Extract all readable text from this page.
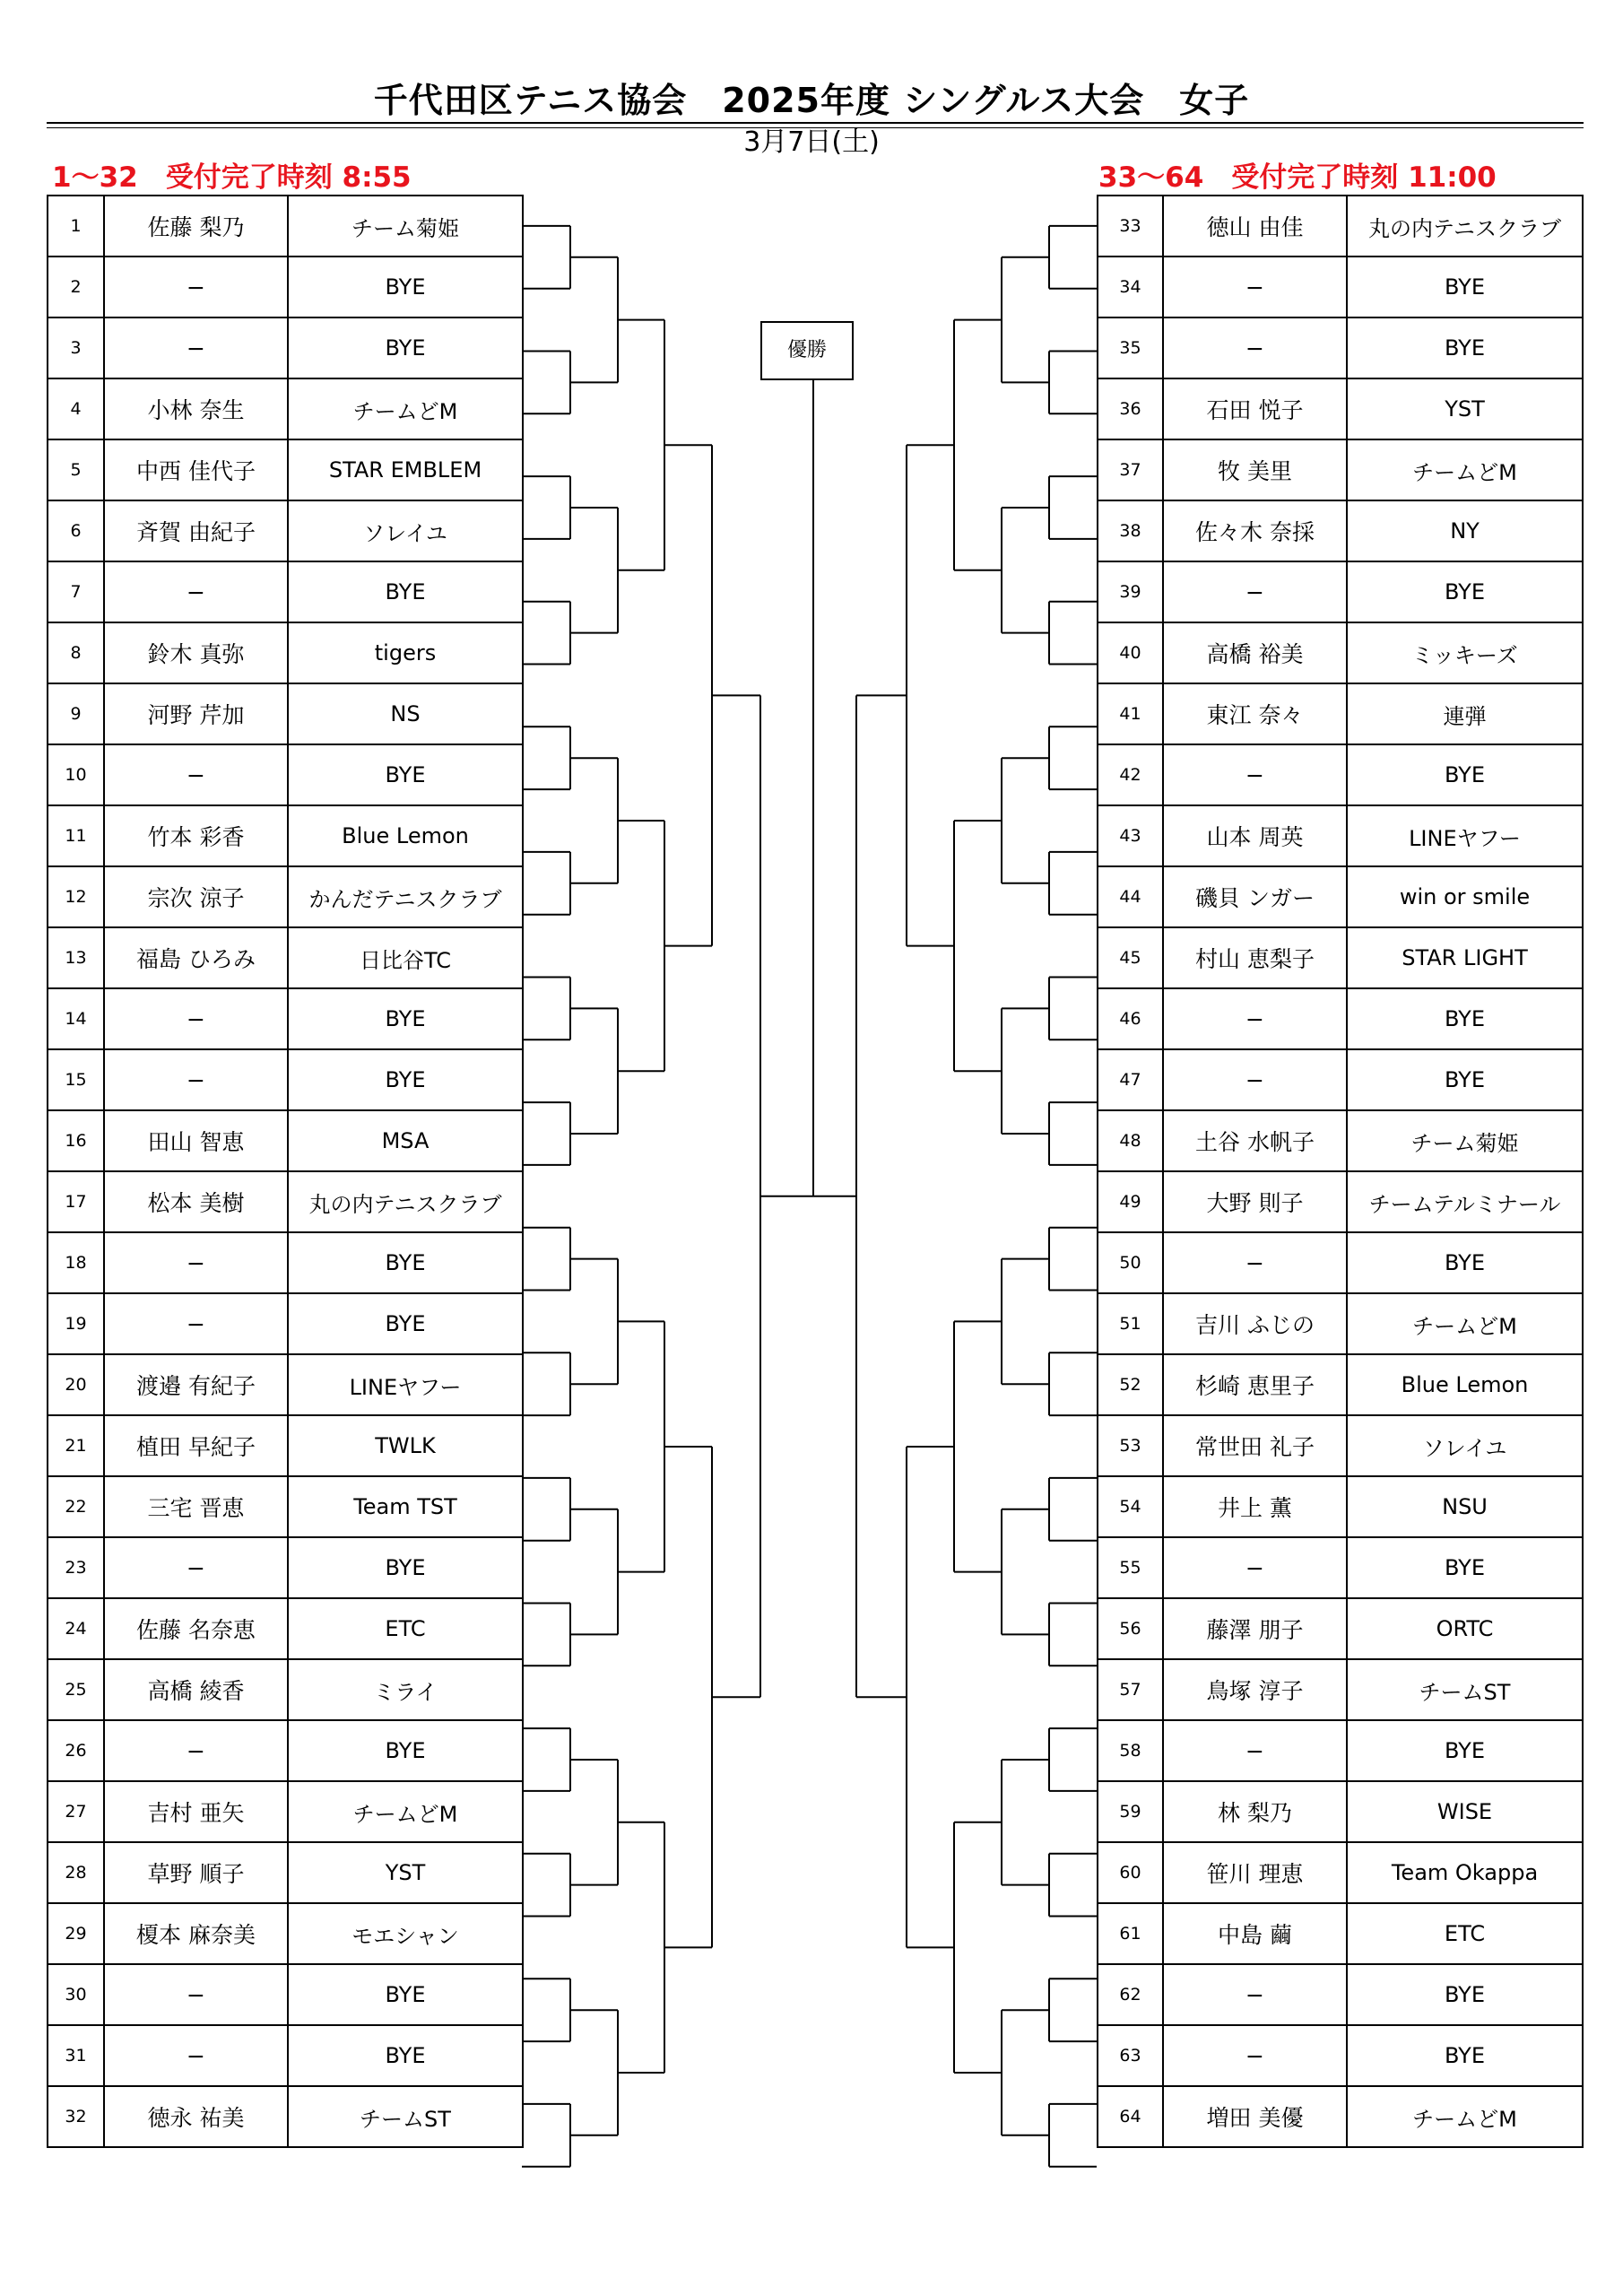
千代田区テニス協会　2025年度 シングルス大会　女子
3月7日(土)
1〜32　受付完了時刻 8:55	33〜64　受付完了時刻 11:00
優勝
1	佐藤 梨乃	チーム菊姫
2	−	BYE
3	−	BYE
4	小林 奈生	チームどM
5	中西 佳代子	STAR EMBLEM
6	斉賀 由紀子	ソレイユ
7	−	BYE
8	鈴木 真弥	tigers
9	河野 芹加	NS
10	−	BYE
11	竹本 彩香	Blue Lemon
12	宗次 涼子	かんだテニスクラブ
13	福島 ひろみ	日比谷TC
14	−	BYE
15	−	BYE
16	田山 智恵	MSA
17	松本 美樹	丸の内テニスクラブ
18	−	BYE
19	−	BYE
20	渡邉 有紀子	LINEヤフー
21	植田 早紀子	TWLK
22	三宅 晋恵	Team TST
23	−	BYE
24	佐藤 名奈恵	ETC
25	高橋 綾香	ミライ
26	−	BYE
27	吉村 亜矢	チームどM
28	草野 順子	YST
29	榎本 麻奈美	モエシャン
30	−	BYE
31	−	BYE
32	徳永 祐美	チームST
33	徳山 由佳	丸の内テニスクラブ
34	−	BYE
35	−	BYE
36	石田 悦子	YST
37	牧 美里	チームどM
38	佐々木 奈採	NY
39	−	BYE
40	高橋 裕美	ミッキーズ
41	東江 奈々	連弾
42	−	BYE
43	山本 周英	LINEヤフー
44	磯貝 ンガー	win or smile
45	村山 恵梨子	STAR LIGHT
46	−	BYE
47	−	BYE
48	土谷 水帆子	チーム菊姫
49	大野 則子	チームテルミナール
50	−	BYE
51	吉川 ふじの	チームどM
52	杉崎 恵里子	Blue Lemon
53	常世田 礼子	ソレイユ
54	井上 薫	NSU
55	−	BYE
56	藤澤 朋子	ORTC
57	鳥塚 淳子	チームST
58	−	BYE
59	林 梨乃	WISE
60	笹川 理恵	Team Okappa
61	中島 繭	ETC
62	−	BYE
63	−	BYE
64	増田 美優	チームどM
